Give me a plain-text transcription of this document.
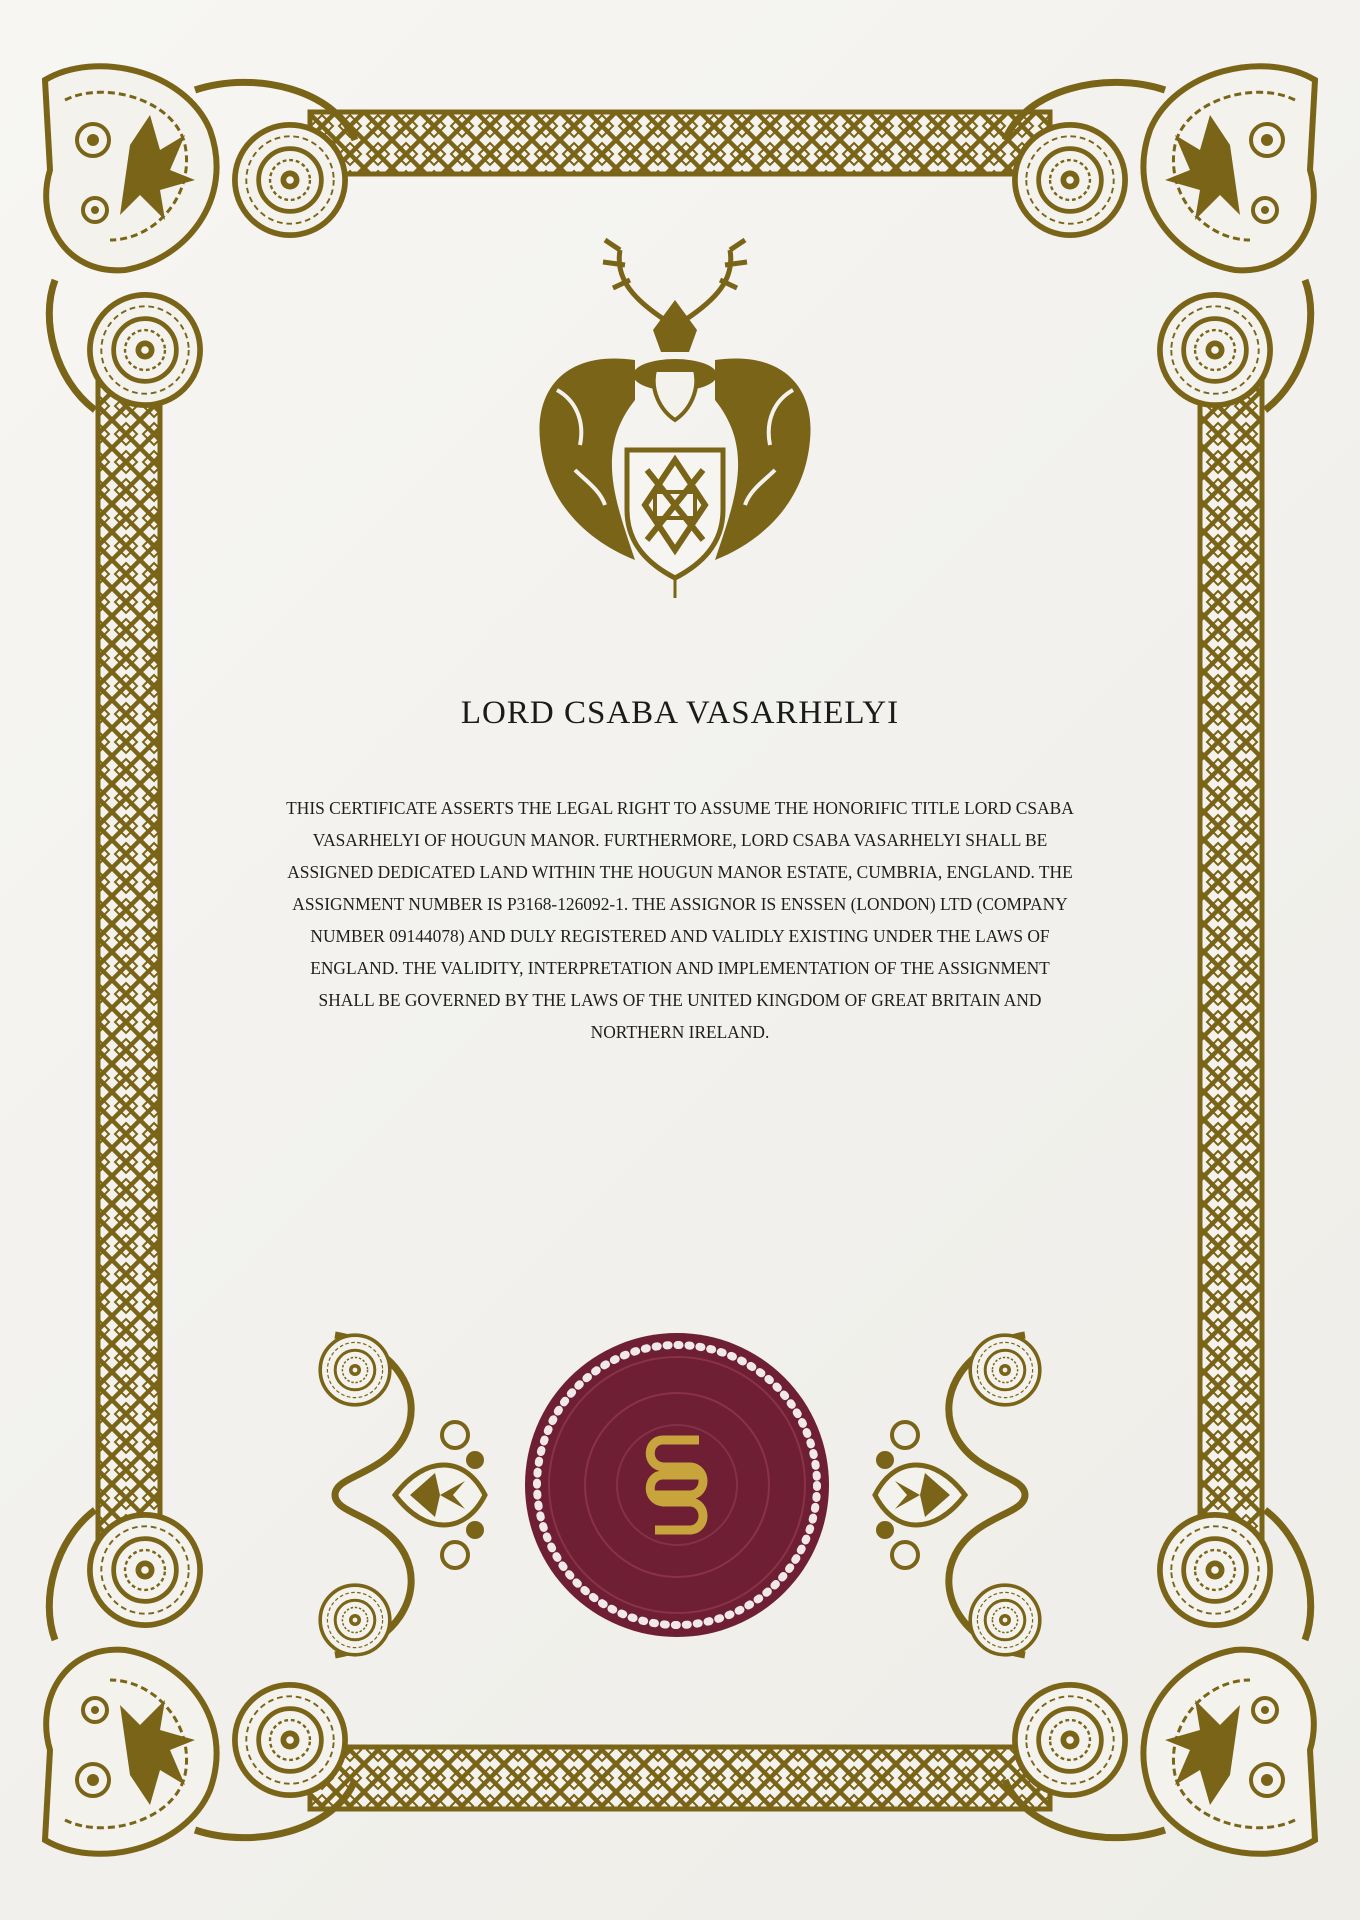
LORD CSABA VASARHELYI
THIS CERTIFICATE ASSERTS THE LEGAL RIGHT TO ASSUME THE HONORIFIC TITLE LORD CSABA VASARHELYI OF HOUGUN MANOR. FURTHERMORE, LORD CSABA VASARHELYI SHALL BE ASSIGNED DEDICATED LAND WITHIN THE HOUGUN MANOR ESTATE, CUMBRIA, ENGLAND. THE ASSIGNMENT NUMBER IS P3168-126092-1. THE ASSIGNOR IS ENSSEN (LONDON) LTD (COMPANY NUMBER 09144078) AND DULY REGISTERED AND VALIDLY EXISTING UNDER THE LAWS OF ENGLAND. THE VALIDITY, INTERPRETATION AND IMPLEMENTATION OF THE ASSIGNMENT SHALL BE GOVERNED BY THE LAWS OF THE UNITED KINGDOM OF GREAT BRITAIN AND NORTHERN IRELAND.
